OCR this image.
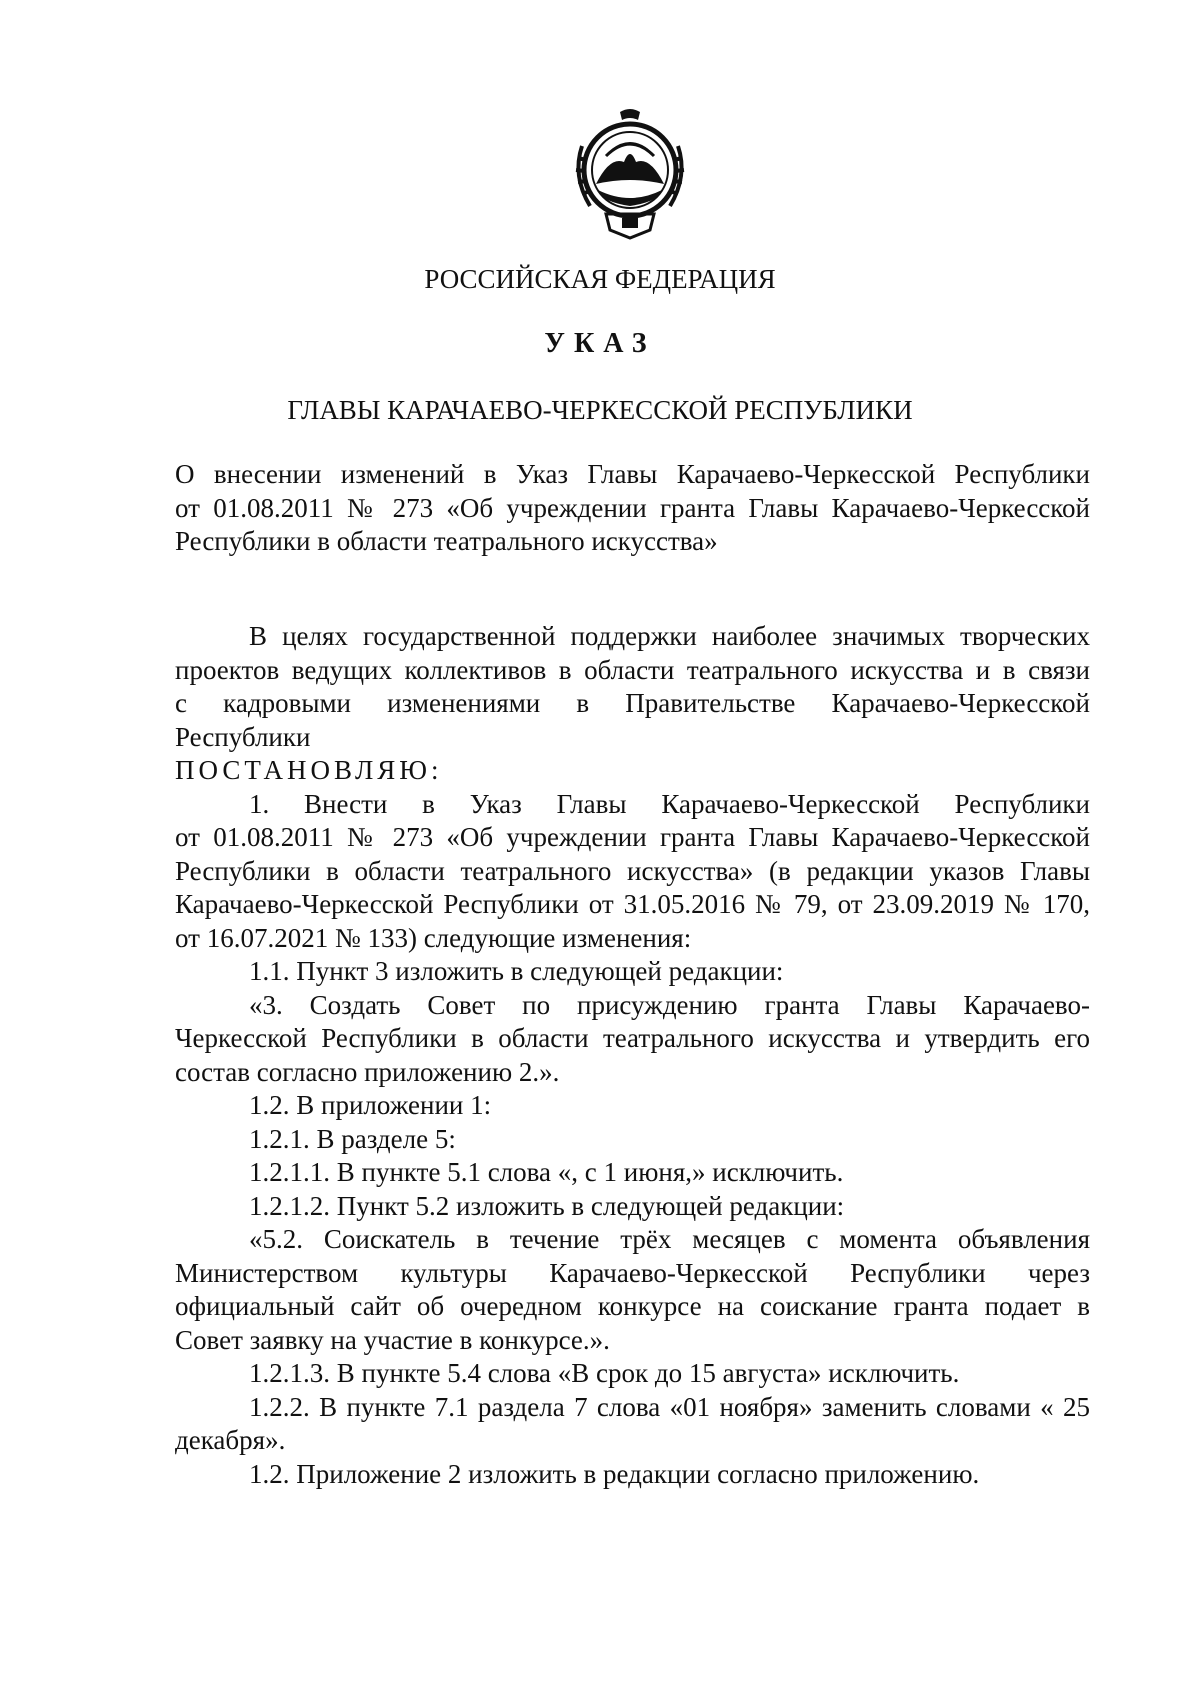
РОССИЙСКАЯ ФЕДЕРАЦИЯ
УКАЗ
ГЛАВЫ КАРАЧАЕВО-ЧЕРКЕССКОЙ РЕСПУБЛИКИ
О внесении изменений в Указ Главы Карачаево-Черкесской Республики
от 01.08.2011 № 273 «Об учреждении гранта Главы Карачаево-Черкесской
Республики в области театрального искусства»
В целях государственной поддержки наиболее значимых творческих
проектов ведущих коллективов в области театрального искусства и в связи
с кадровыми изменениями в Правительстве Карачаево-Черкесской
Республики
ПОСТАНОВЛЯЮ:
1. Внести в Указ Главы Карачаево-Черкесской Республики
от 01.08.2011 № 273 «Об учреждении гранта Главы Карачаево-Черкесской
Республики в области театрального искусства» (в редакции указов Главы
Карачаево-Черкесской Республики от 31.05.2016 № 79, от 23.09.2019 № 170,
от 16.07.2021 № 133) следующие изменения:
1.1. Пункт 3 изложить в следующей редакции:
«3. Создать Совет по присуждению гранта Главы Карачаево-
Черкесской Республики в области театрального искусства и утвердить его
состав согласно приложению 2.».
1.2. В приложении 1:
1.2.1. В разделе 5:
1.2.1.1. В пункте 5.1 слова «, с 1 июня,» исключить.
1.2.1.2. Пункт 5.2 изложить в следующей редакции:
«5.2. Соискатель в течение трёх месяцев с момента объявления
Министерством культуры Карачаево-Черкесской Республики через
официальный сайт об очередном конкурсе на соискание гранта подает в
Совет заявку на участие в конкурсе.».
1.2.1.3. В пункте 5.4 слова «В срок до 15 августа» исключить.
1.2.2. В пункте 7.1 раздела 7 слова «01 ноября» заменить словами « 25
декабря».
1.2. Приложение 2 изложить в редакции согласно приложению.
